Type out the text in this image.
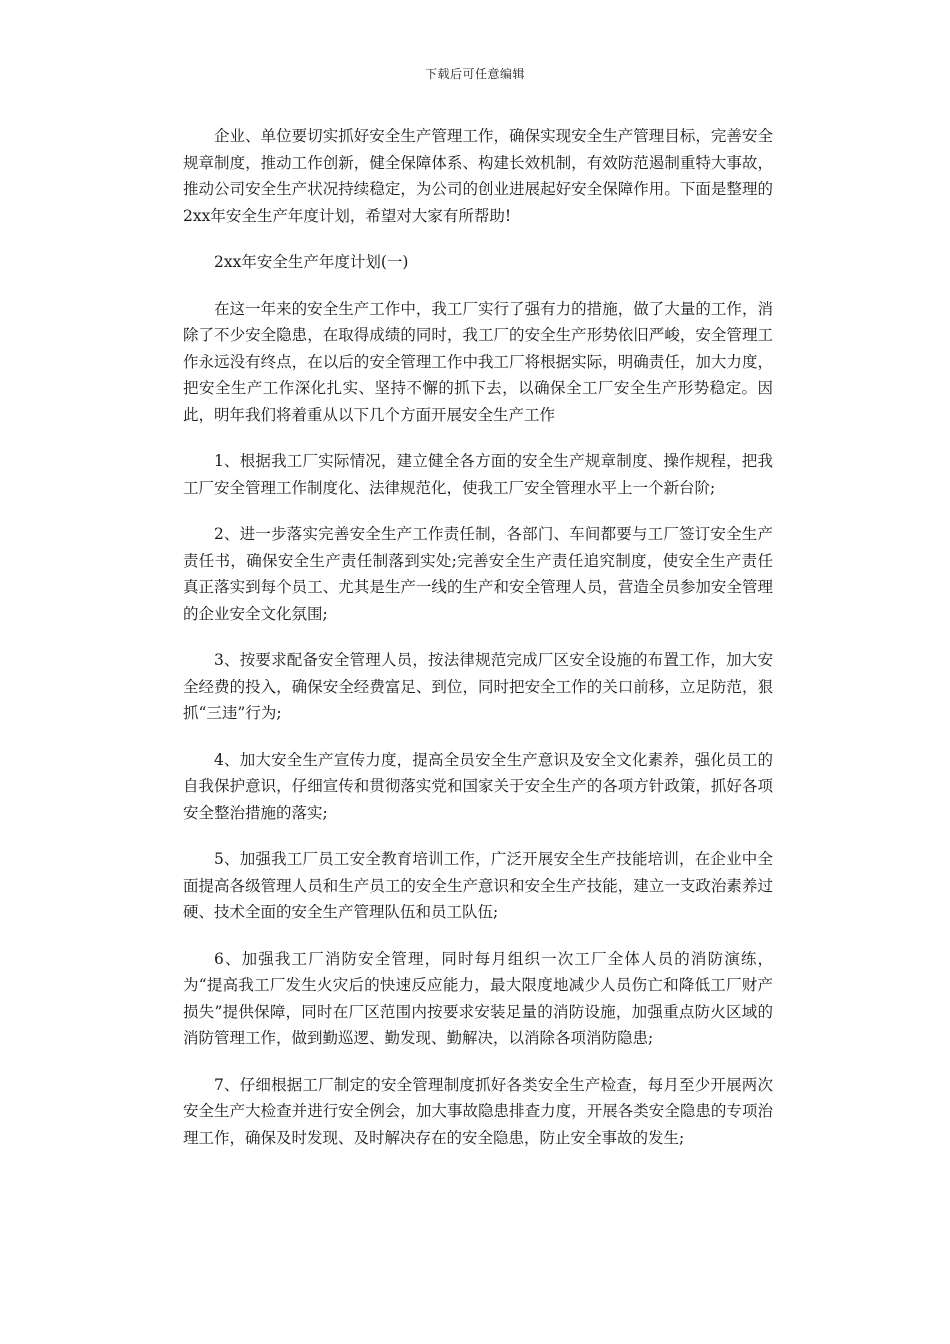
下载后可任意编辑

企业、单位要切实抓好安全生产管理工作，确保实现安全生产管理目标，完善安全规章制度，推动工作创新，健全保障体系、构建长效机制，有效防范遏制重特大事故，推动公司安全生产状况持续稳定，为公司的创业进展起好安全保障作用。下面是整理的2xx年安全生产年度计划，希望对大家有所帮助!

2xx年安全生产年度计划(一)

在这一年来的安全生产工作中，我工厂实行了强有力的措施，做了大量的工作，消除了不少安全隐患，在取得成绩的同时，我工厂的安全生产形势依旧严峻，安全管理工作永远没有终点，在以后的安全管理工作中我工厂将根据实际，明确责任，加大力度，把安全生产工作深化扎实、坚持不懈的抓下去，以确保全工厂安全生产形势稳定。因此，明年我们将着重从以下几个方面开展安全生产工作

1、根据我工厂实际情况，建立健全各方面的安全生产规章制度、操作规程，把我工厂安全管理工作制度化、法律规范化，使我工厂安全管理水平上一个新台阶;

2、进一步落实完善安全生产工作责任制，各部门、车间都要与工厂签订安全生产责任书，确保安全生产责任制落到实处;完善安全生产责任追究制度，使安全生产责任真正落实到每个员工、尤其是生产一线的生产和安全管理人员，营造全员参加安全管理的企业安全文化氛围;

3、按要求配备安全管理人员，按法律规范完成厂区安全设施的布置工作，加大安全经费的投入，确保安全经费富足、到位，同时把安全工作的关口前移，立足防范，狠抓“三违”行为;

4、加大安全生产宣传力度，提高全员安全生产意识及安全文化素养，强化员工的自我保护意识，仔细宣传和贯彻落实党和国家关于安全生产的各项方针政策，抓好各项安全整治措施的落实;

5、加强我工厂员工安全教育培训工作，广泛开展安全生产技能培训，在企业中全面提高各级管理人员和生产员工的安全生产意识和安全生产技能，建立一支政治素养过硬、技术全面的安全生产管理队伍和员工队伍;

6、加强我工厂消防安全管理，同时每月组织一次工厂全体人员的消防演练，为“提高我工厂发生火灾后的快速反应能力，最大限度地减少人员伤亡和降低工厂财产损失”提供保障，同时在厂区范围内按要求安装足量的消防设施，加强重点防火区域的消防管理工作，做到勤巡逻、勤发现、勤解决，以消除各项消防隐患;

7、仔细根据工厂制定的安全管理制度抓好各类安全生产检查，每月至少开展两次安全生产大检查并进行安全例会，加大事故隐患排查力度，开展各类安全隐患的专项治理工作，确保及时发现、及时解决存在的安全隐患，防止安全事故的发生;
